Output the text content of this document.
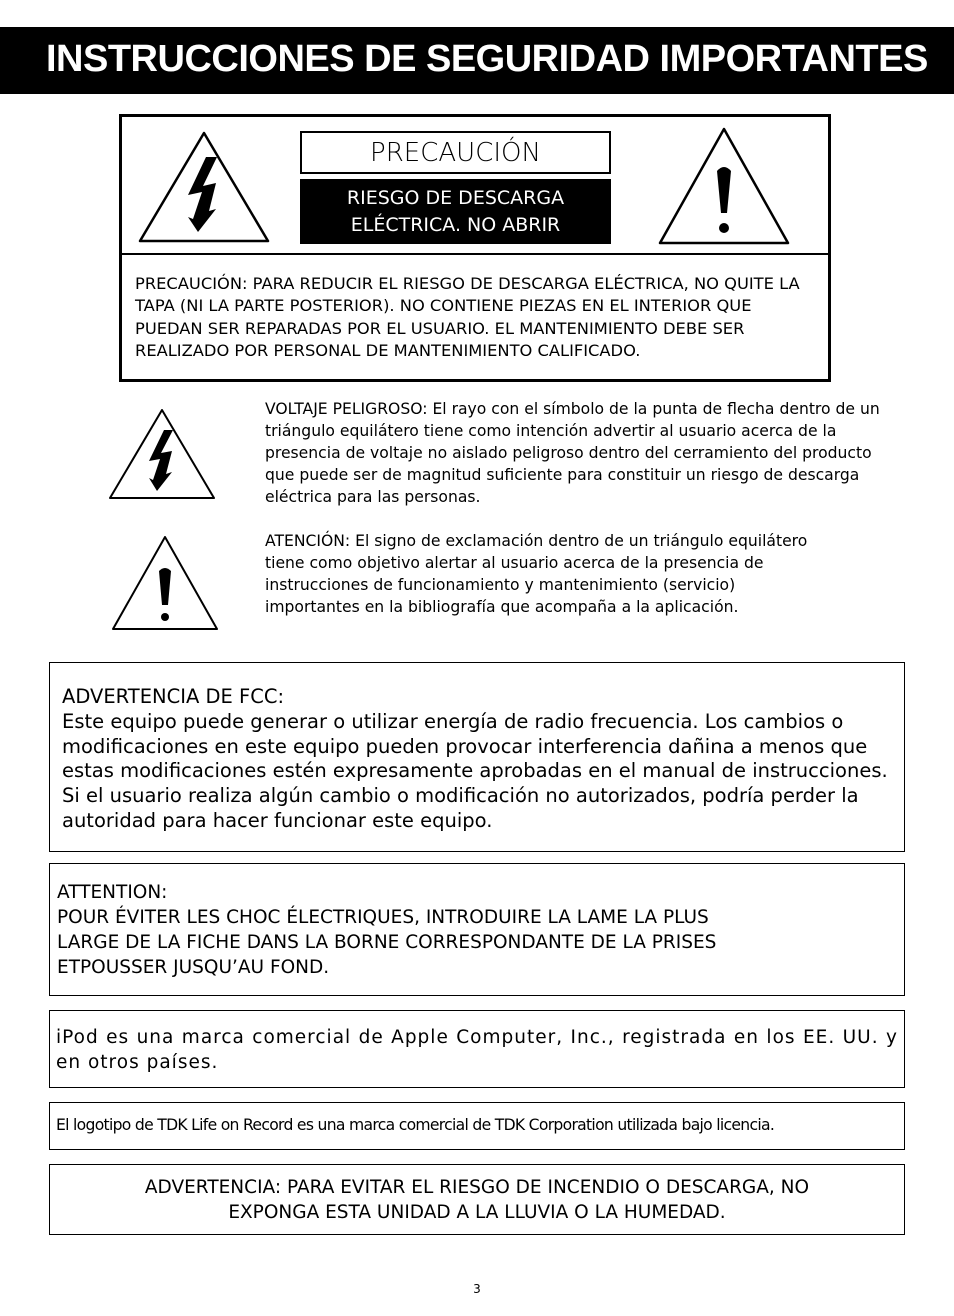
INSTRUCCIONES DE SEGURIDAD IMPORTANTES
PRECAUCIÓN
RIESGO DE DESCARGA
ELÉCTRICA. NO ABRIR
PRECAUCIÓN: PARA REDUCIR EL RIESGO DE DESCARGA ELÉCTRICA, NO QUITE LA TAPA (NI LA PARTE POSTERIOR). NO CONTIENE PIEZAS EN EL INTERIOR QUE PUEDAN SER REPARADAS POR EL USUARIO. EL MANTENIMIENTO DEBE SER REALIZADO POR PERSONAL DE MANTENIMIENTO CALIFICADO.
VOLTAJE PELIGROSO: El rayo con el símbolo de la punta de flecha dentro de un triángulo equilátero tiene como intención advertir al usuario acerca de la presencia de voltaje no aislado peligroso dentro del cerramiento del producto que puede ser de magnitud suficiente para constituir un riesgo de descarga eléctrica para las personas.
ATENCIÓN: El signo de exclamación dentro de un triángulo equilátero tiene como objetivo alertar al usuario acerca de la presencia de instrucciones de funcionamiento y mantenimiento (servicio) importantes en la bibliografía que acompaña a la aplicación.
ADVERTENCIA DE FCC:
Este equipo puede generar o utilizar energía de radio frecuencia. Los cambios o modificaciones en este equipo pueden provocar interferencia dañina a menos que estas modificaciones estén expresamente aprobadas en el manual de instrucciones. Si el usuario realiza algún cambio o modificación no autorizados, podría perder la autoridad para hacer funcionar este equipo.
ATTENTION:
POUR ÉVITER LES CHOC ÉLECTRIQUES, INTRODUIRE LA LAME LA PLUS
LARGE DE LA FICHE DANS LA BORNE CORRESPONDANTE DE LA PRISES
ETPOUSSER JUSQU’AU FOND.
iPod es una marca comercial de Apple Computer, Inc., registrada en los EE. UU. y en otros países.
El logotipo de TDK Life on Record es una marca comercial de TDK Corporation utilizada bajo licencia.
ADVERTENCIA: PARA EVITAR EL RIESGO DE INCENDIO O DESCARGA, NO
EXPONGA ESTA UNIDAD A LA LLUVIA O LA HUMEDAD.
3
